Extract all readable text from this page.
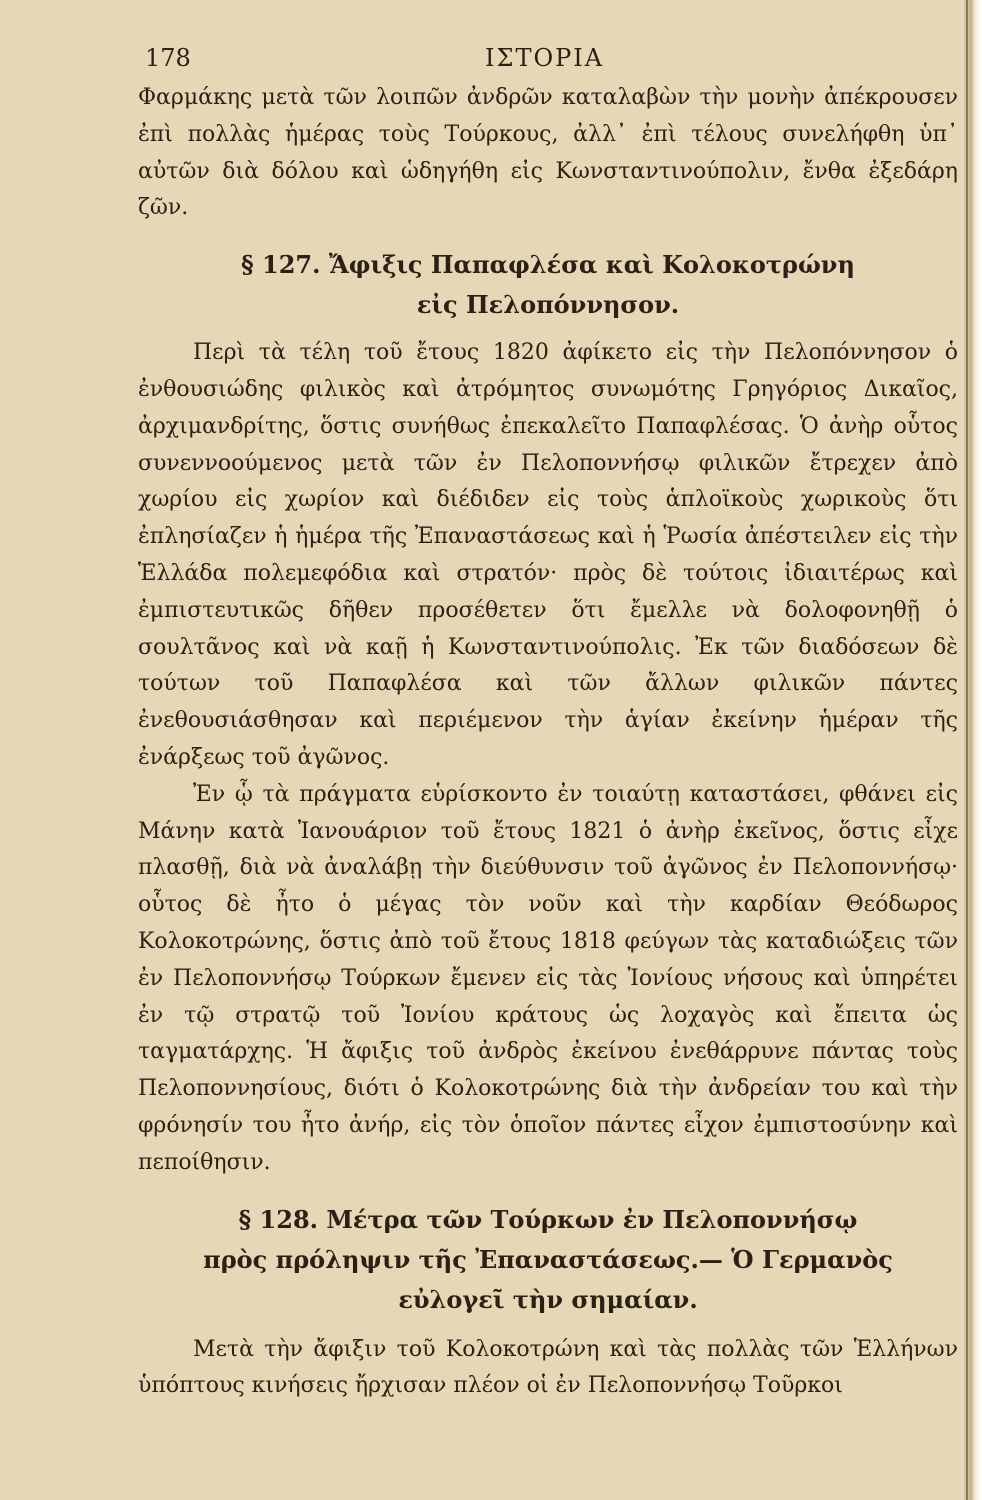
178	ΙΣΤΟΡΙΑ

Φαρμάκης μετὰ τῶν λοιπῶν ἀνδρῶν καταλαβὼν τὴν μονὴν ἀπέκρουσεν ἐπὶ πολλὰς ἡμέρας τοὺς Τούρκους, ἀλλ᾽ ἐπὶ τέλους συνελήφθη ὑπ᾽ αὐτῶν διὰ δόλου καὶ ὡδηγήθη εἰς Κωνσταντινούπολιν, ἔνθα ἐξεδάρη ζῶν.

§ 127. Ἄφιξις Παπαφλέσα καὶ Κολοκοτρώνη
εἰς Πελοπόννησον.

Περὶ τὰ τέλη τοῦ ἔτους 1820 ἀφίκετο εἰς τὴν Πελοπόννησον ὁ ἐνθουσιώδης φιλικὸς καὶ ἀτρόμητος συνωμότης Γρηγόριος Δικαῖος, ἀρχιμανδρίτης, ὅστις συνήθως ἐπεκαλεῖτο Παπαφλέσας. Ὁ ἀνὴρ οὗτος συνεννοούμενος μετὰ τῶν ἐν Πελοποννήσῳ φιλικῶν ἔτρεχεν ἀπὸ χωρίου εἰς χωρίον καὶ διέδιδεν εἰς τοὺς ἁπλοϊκοὺς χωρικοὺς ὅτι ἐπλησίαζεν ἡ ἡμέρα τῆς Ἐπαναστάσεως καὶ ἡ Ῥωσία ἀπέστειλεν εἰς τὴν Ἑλλάδα πολεμεφόδια καὶ στρατόν· πρὸς δὲ τούτοις ἰδιαιτέρως καὶ ἐμπιστευτικῶς δῆθεν προσέθετεν ὅτι ἔμελλε νὰ δολοφονηθῇ ὁ σουλτᾶνος καὶ νὰ καῇ ἡ Κωνσταντινούπολις. Ἐκ τῶν διαδόσεων δὲ τούτων τοῦ Παπαφλέσα καὶ τῶν ἄλλων φιλικῶν πάντες ἐνεθουσιάσθησαν καὶ περιέμενον τὴν ἁγίαν ἐκείνην ἡμέραν τῆς ἐνάρξεως τοῦ ἀγῶνος.

Ἐν ᾧ τὰ πράγματα εὑρίσκοντο ἐν τοιαύτῃ καταστάσει, φθάνει εἰς Μάνην κατὰ Ἰανουάριον τοῦ ἔτους 1821 ὁ ἀνὴρ ἐκεῖνος, ὅστις εἶχε πλασθῇ, διὰ νὰ ἀναλάβῃ τὴν διεύθυνσιν τοῦ ἀγῶνος ἐν Πελοποννήσῳ· οὗτος δὲ ἦτο ὁ μέγας τὸν νοῦν καὶ τὴν καρδίαν Θεόδωρος Κολοκοτρώνης, ὅστις ἀπὸ τοῦ ἔτους 1818 φεύγων τὰς καταδιώξεις τῶν ἐν Πελοποννήσῳ Τούρκων ἔμενεν εἰς τὰς Ἰονίους νήσους καὶ ὑπηρέτει ἐν τῷ στρατῷ τοῦ Ἰονίου κράτους ὡς λοχαγὸς καὶ ἔπειτα ὡς ταγματάρχης. Ἡ ἄφιξις τοῦ ἀνδρὸς ἐκείνου ἐνεθάρρυνε πάντας τοὺς Πελοποννησίους, διότι ὁ Κολοκοτρώνης διὰ τὴν ἀνδρείαν του καὶ τὴν φρόνησίν του ἦτο ἀνήρ, εἰς τὸν ὁποῖον πάντες εἶχον ἐμπιστοσύνην καὶ πεποίθησιν.

§ 128. Μέτρα τῶν Τούρκων ἐν Πελοποννήσῳ
πρὸς πρόληψιν τῆς Ἐπαναστάσεως.— Ὁ Γερμανὸς
εὐλογεῖ τὴν σημαίαν.

Μετὰ τὴν ἄφιξιν τοῦ Κολοκοτρώνη καὶ τὰς πολλὰς τῶν Ἑλλήνων ὑπόπτους κινήσεις ἤρχισαν πλέον οἱ ἐν Πελοποννήσῳ Τοῦρκοι
